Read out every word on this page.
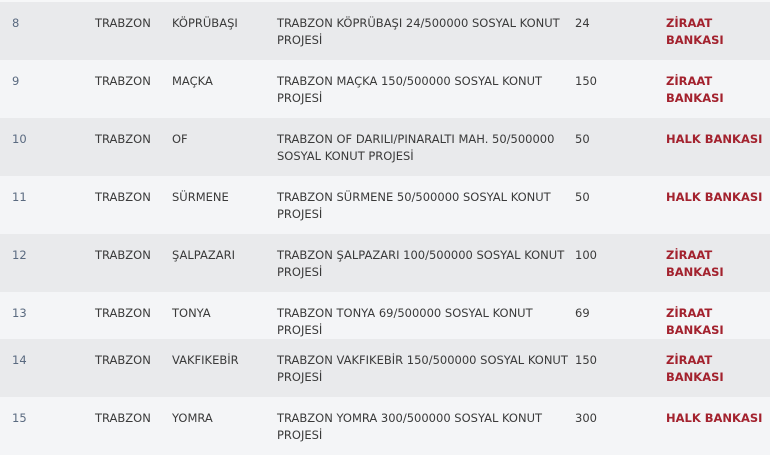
8	TRABZON	KÖPRÜBAŞI	TRABZON KÖPRÜBAŞI 24/500000 SOSYAL KONUT PROJESİ	24	ZİRAAT BANKASI
9	TRABZON	MAÇKA	TRABZON MAÇKA 150/500000 SOSYAL KONUT PROJESİ	150	ZİRAAT BANKASI
10	TRABZON	OF	TRABZON OF DARILI/PINARALTI MAH. 50/500000 SOSYAL KONUT PROJESİ	50	HALK BANKASI
11	TRABZON	SÜRMENE	TRABZON SÜRMENE 50/500000 SOSYAL KONUT PROJESİ	50	HALK BANKASI
12	TRABZON	ŞALPAZARI	TRABZON ŞALPAZARI 100/500000 SOSYAL KONUT PROJESİ	100	ZİRAAT BANKASI
13	TRABZON	TONYA	TRABZON TONYA 69/500000 SOSYAL KONUT PROJESİ	69	ZİRAAT BANKASI
14	TRABZON	VAKFIKEBİR	TRABZON VAKFIKEBİR 150/500000 SOSYAL KONUT PROJESİ	150	ZİRAAT BANKASI
15	TRABZON	YOMRA	TRABZON YOMRA 300/500000 SOSYAL KONUT PROJESİ	300	HALK BANKASI
